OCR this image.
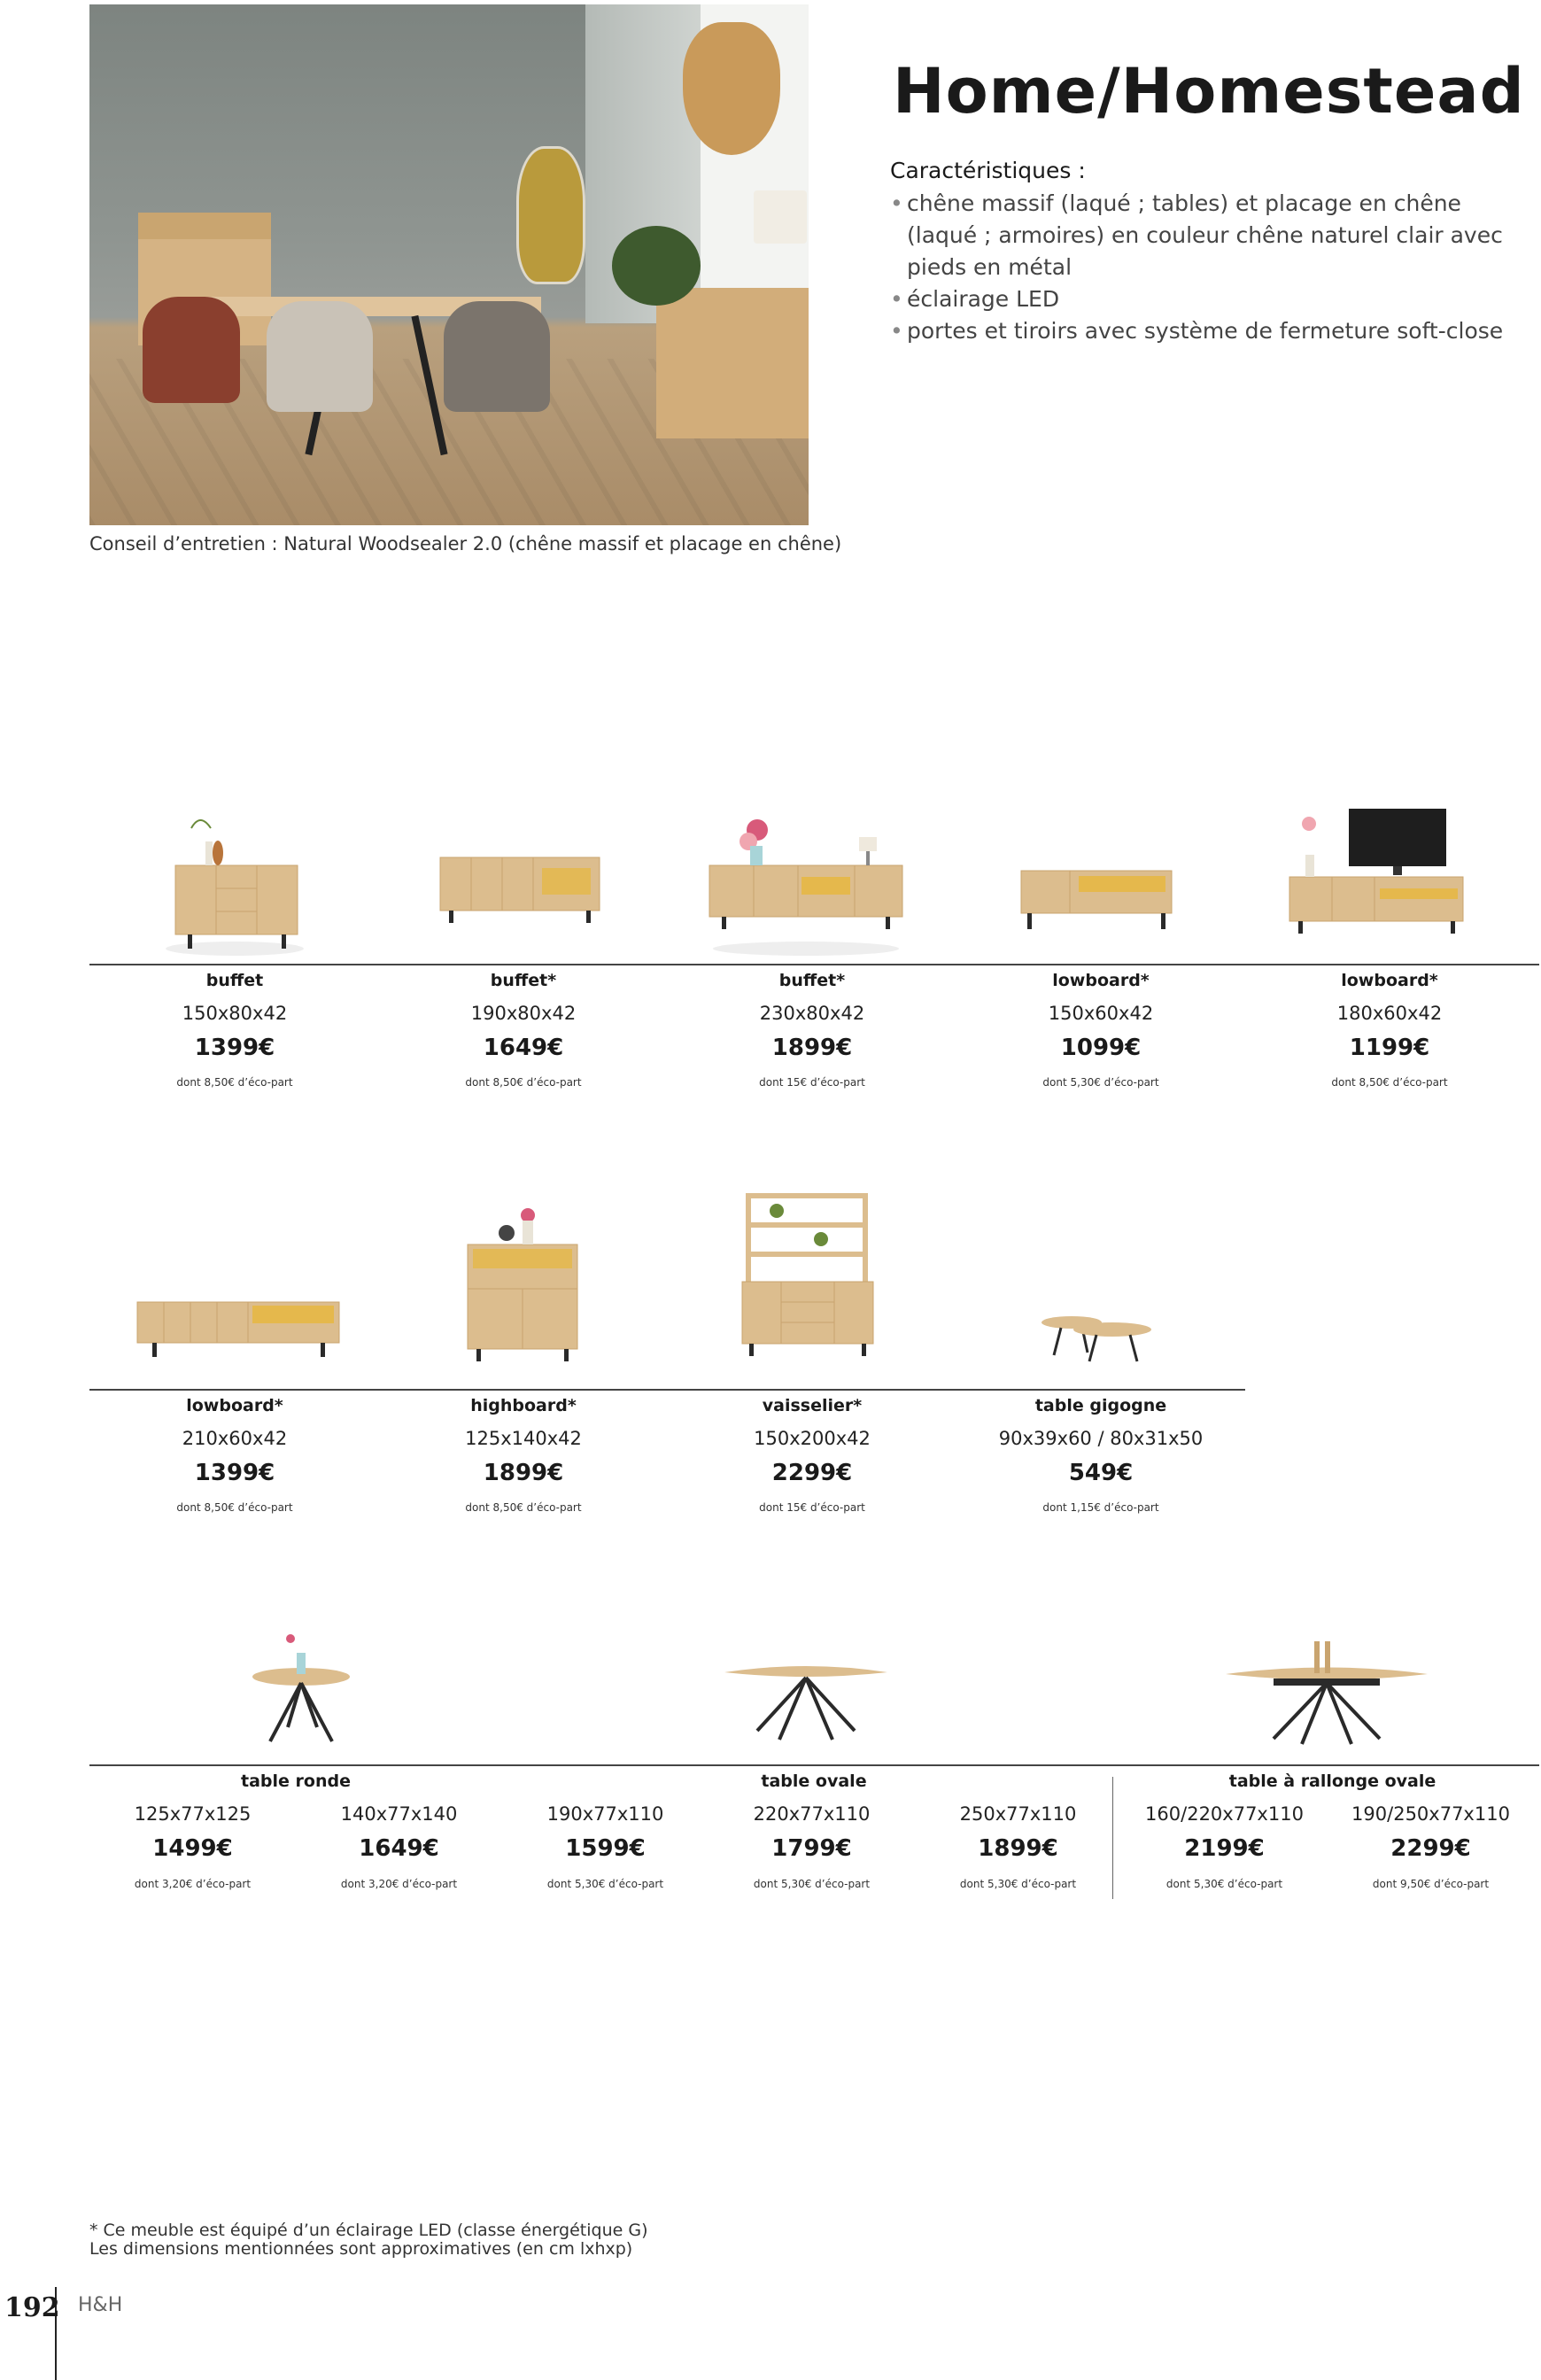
Home/Homestead
Caractéristiques :
• chêne massif (laqué ; tables) et placage en chêne (laqué ; armoires) en couleur chêne naturel clair avec pieds en métal
• éclairage LED
• portes et tiroirs avec système de fermeture soft-close
Conseil d’entretien : Natural Woodsealer 2.0 (chêne massif et placage en chêne)
buffet
150x80x42
1399€
dont 8,50€ d’éco-part
buffet*
190x80x42
1649€
dont 8,50€ d’éco-part
buffet*
230x80x42
1899€
dont 15€ d’éco-part
lowboard*
150x60x42
1099€
dont 5,30€ d’éco-part
lowboard*
180x60x42
1199€
dont 8,50€ d’éco-part
lowboard*
210x60x42
1399€
dont 8,50€ d’éco-part
highboard*
125x140x42
1899€
dont 8,50€ d’éco-part
vaisselier*
150x200x42
2299€
dont 15€ d’éco-part
table gigogne
90x39x60 / 80x31x50
549€
dont 1,15€ d’éco-part
table ronde	table ovale	table à rallonge ovale
125x77x125
1499€
dont 3,20€ d’éco-part
140x77x140
1649€
dont 3,20€ d’éco-part
190x77x110
1599€
dont 5,30€ d’éco-part
220x77x110
1799€
dont 5,30€ d’éco-part
250x77x110
1899€
dont 5,30€ d’éco-part
160/220x77x110
2199€
dont 5,30€ d’éco-part
190/250x77x110
2299€
dont 9,50€ d’éco-part
* Ce meuble est équipé d’un éclairage LED (classe énergétique G)
Les dimensions mentionnées sont approximatives (en cm lxhxp)
192 H&H
